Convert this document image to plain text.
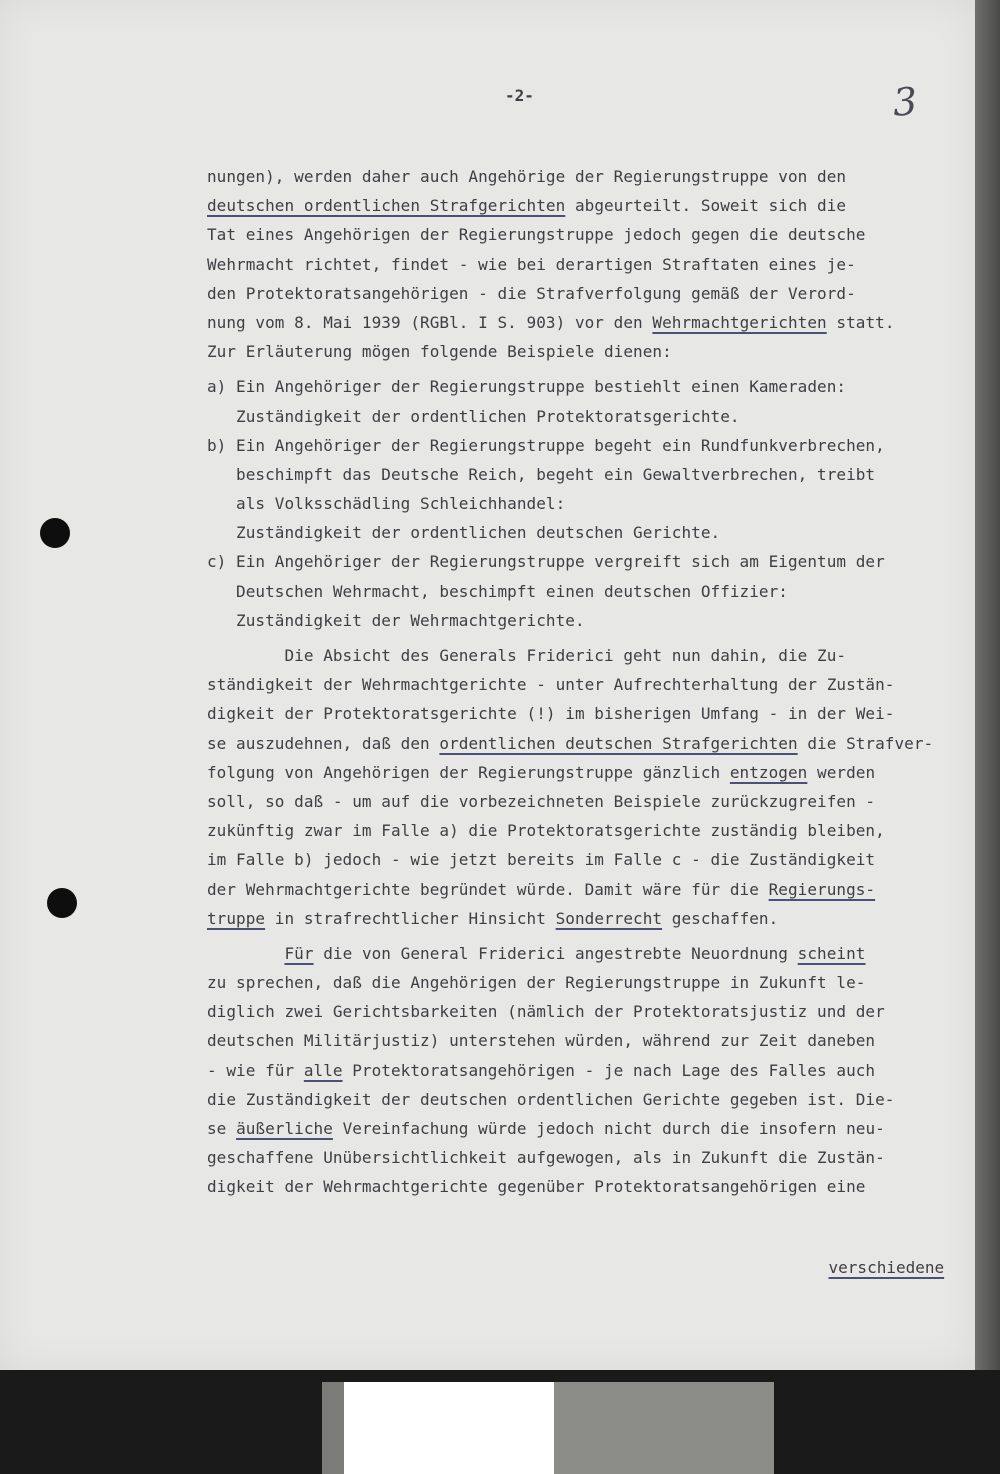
-2-	3
nungen), werden daher auch Angehörige der Regierungstruppe von den
deutschen ordentlichen Strafgerichten abgeurteilt. Soweit sich die
Tat eines Angehörigen der Regierungstruppe jedoch gegen die deutsche
Wehrmacht richtet, findet - wie bei derartigen Straftaten eines je-
den Protektoratsangehörigen - die Strafverfolgung gemäß der Verord-
nung vom 8. Mai 1939 (RGBl. I S. 903) vor den Wehrmachtgerichten statt.
Zur Erläuterung mögen folgende Beispiele dienen:
a) Ein Angehöriger der Regierungstruppe bestiehlt einen Kameraden:
Zuständigkeit der ordentlichen Protektoratsgerichte.
b) Ein Angehöriger der Regierungstruppe begeht ein Rundfunkverbrechen,
beschimpft das Deutsche Reich, begeht ein Gewaltverbrechen, treibt
als Volksschädling Schleichhandel:
Zuständigkeit der ordentlichen deutschen Gerichte.
c) Ein Angehöriger der Regierungstruppe vergreift sich am Eigentum der
Deutschen Wehrmacht, beschimpft einen deutschen Offizier:
Zuständigkeit der Wehrmachtgerichte.
Die Absicht des Generals Friderici geht nun dahin, die Zu-
ständigkeit der Wehrmachtgerichte - unter Aufrechterhaltung der Zustän-
digkeit der Protektoratsgerichte (!) im bisherigen Umfang - in der Wei-
se auszudehnen, daß den ordentlichen deutschen Strafgerichten die Strafver-
folgung von Angehörigen der Regierungstruppe gänzlich entzogen werden
soll, so daß - um auf die vorbezeichneten Beispiele zurückzugreifen -
zukünftig zwar im Falle a) die Protektoratsgerichte zuständig bleiben,
im Falle b) jedoch - wie jetzt bereits im Falle c - die Zuständigkeit
der Wehrmachtgerichte begründet würde. Damit wäre für die Regierungs-
truppe in strafrechtlicher Hinsicht Sonderrecht geschaffen.
Für die von General Friderici angestrebte Neuordnung scheint
zu sprechen, daß die Angehörigen der Regierungstruppe in Zukunft le-
diglich zwei Gerichtsbarkeiten (nämlich der Protektoratsjustiz und der
deutschen Militärjustiz) unterstehen würden, während zur Zeit daneben
- wie für alle Protektoratsangehörigen - je nach Lage des Falles auch
die Zuständigkeit der deutschen ordentlichen Gerichte gegeben ist. Die-
se äußerliche Vereinfachung würde jedoch nicht durch die insofern neu-
geschaffene Unübersichtlichkeit aufgewogen, als in Zukunft die Zustän-
digkeit der Wehrmachtgerichte gegenüber Protektoratsangehörigen eine

verschiedene
